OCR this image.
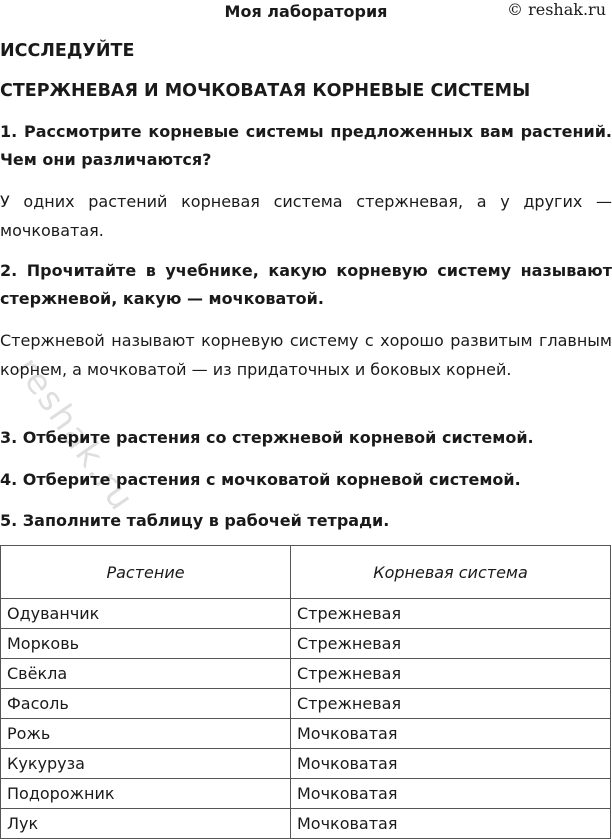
Моя лаборатория	© reshak.ru
ИССЛЕДУЙТЕ
СТЕРЖНЕВАЯ И МОЧКОВАТАЯ КОРНЕВЫЕ СИСТЕМЫ
1. Рассмотрите корневые системы предложенных вам растений. Чем они различаются?
У одних растений корневая система стержневая, а у других — мочковатая.
2. Прочитайте в учебнике, какую корневую систему называют стержневой, какую — мочковатой.
Стержневой называют корневую систему с хорошо развитым главным корнем, а мочковатой — из придаточных и боковых корней.
3. Отберите растения со стержневой корневой системой.
4. Отберите растения с мочковатой корневой системой.
5. Заполните таблицу в рабочей тетради.
reshak.ru
Растение	Корневая система
Одуванчик	Стрежневая
Морковь	Стрежневая
Свёкла	Стрежневая
Фасоль	Стрежневая
Рожь	Мочковатая
Кукуруза	Мочковатая
Подорожник	Мочковатая
Лук	Мочковатая
